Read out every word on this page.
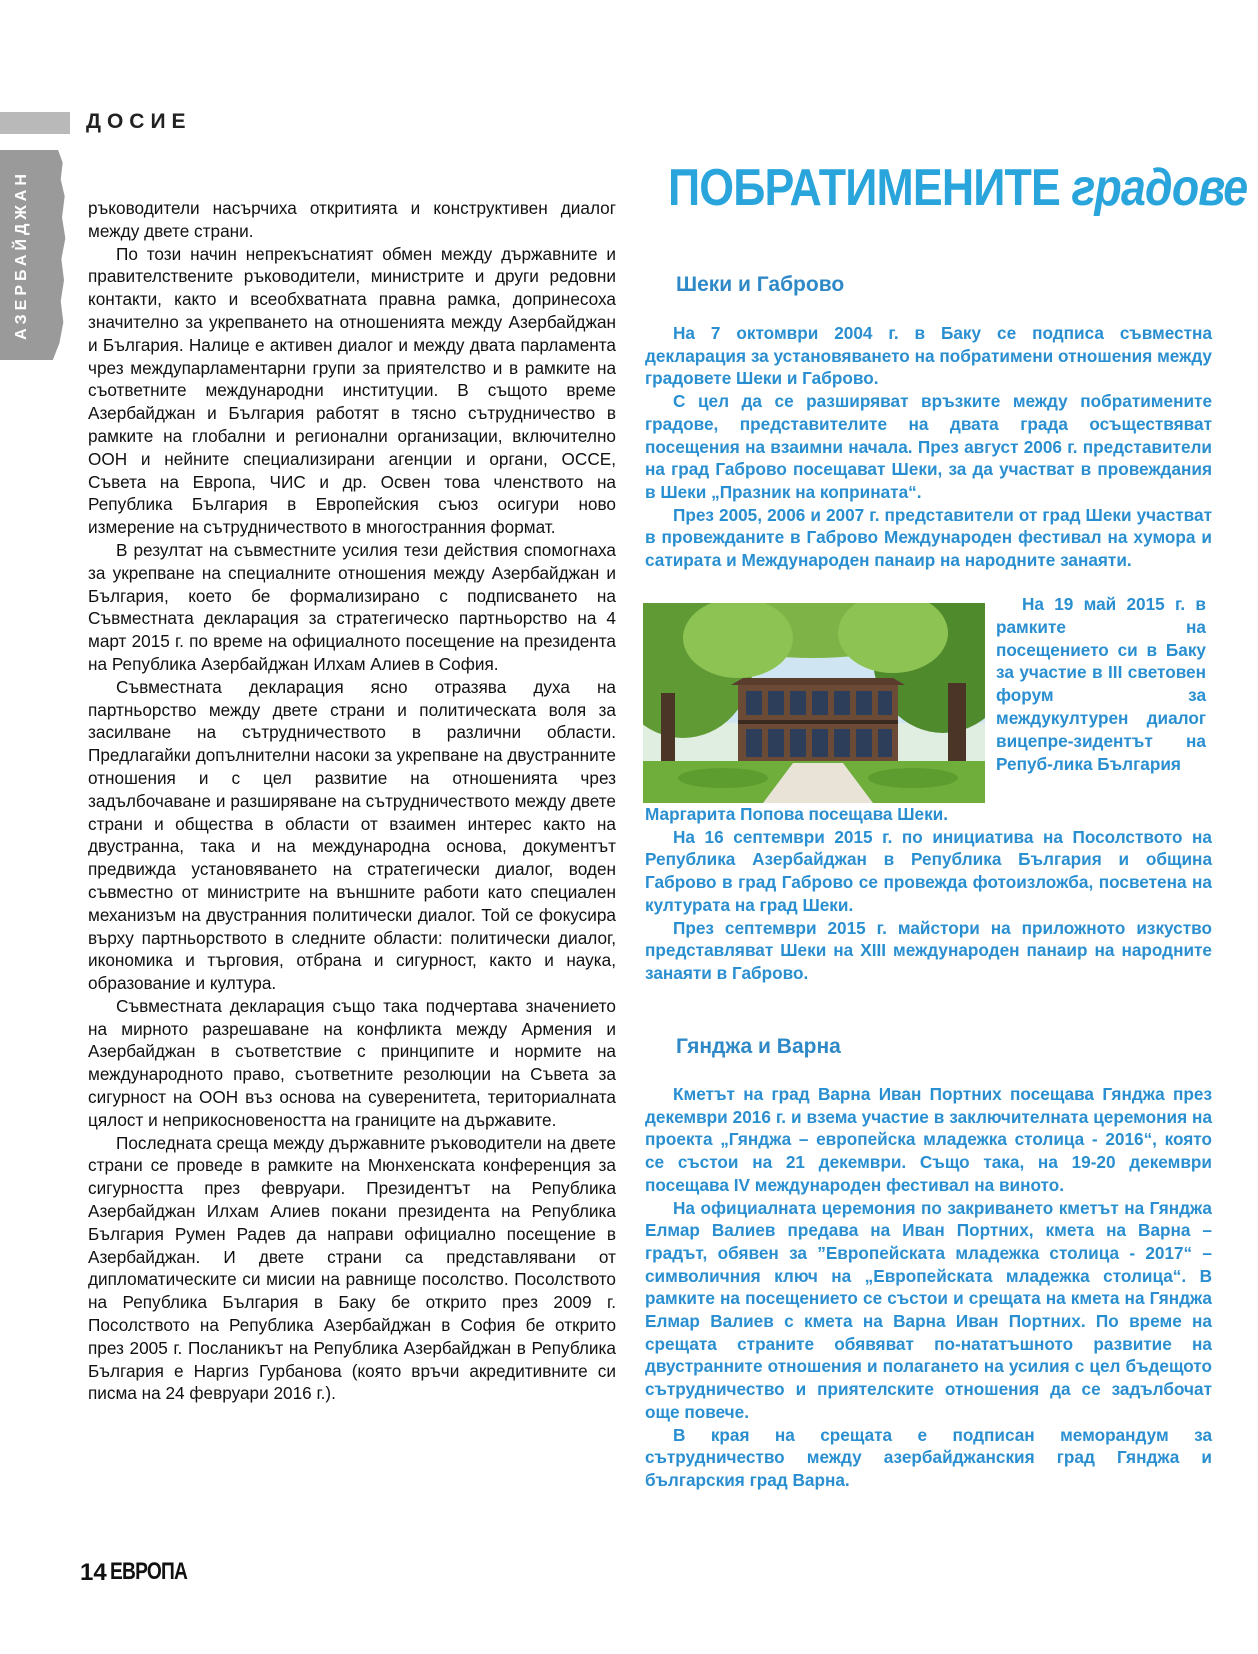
ДОСИЕ
АЗЕРБАЙДЖАН	ръководители насърчиха откритията и конструктивен диалог между двете страни.

По този начин непрекъснатият обмен между държавните и правителствените ръководители, министрите и други редовни контакти, както и всеобхватната правна рамка, допринесоха значително за укрепването на отношенията между Азербайджан и България. Налице е активен диалог и между двата парламента чрез междупарламентарни групи за приятелство и в рамките на съответните международни институции. В същото време Азербайджан и България работят в тясно сътрудничество в рамките на глобални и регионални организации, включително ООН и нейните специализирани агенции и органи, ОССЕ, Съвета на Европа, ЧИС и др. Освен това членството на Република България в Европейския съюз осигури ново измерение на сътрудничеството в многостранния формат.

В резултат на съвместните усилия тези действия спомогнаха за укрепване на специалните отношения между Азербайджан и България, което бе формализирано с подписването на Съвместната декларация за стратегическо партньорство на 4 март 2015 г. по време на официалното посещение на президента на Република Азербайджан Илхам Алиев в София.

Съвместната декларация ясно отразява духа на партньорство между двете страни и политическата воля за засилване на сътрудничеството в различни области. Предлагайки допълнителни насоки за укрепване на двустранните отношения и с цел развитие на отношенията чрез задълбочаване и разширяване на сътрудничеството между двете страни и общества в области от взаимен интерес както на двустранна, така и на международна основа, документът предвижда установяването на стратегически диалог, воден съвместно от министрите на външните работи като специален механизъм на двустранния политически диалог. Той се фокусира върху партньорството в следните области: политически диалог, икономика и търговия, отбрана и сигурност, както и наука, образование и култура.

Съвместната декларация също така подчертава значението на мирното разрешаване на конфликта между Армения и Азербайджан в съответствие с принципите и нормите на международното право, съответните резолюции на Съвета за сигурност на ООН въз основа на суверенитета, териториалната цялост и неприкосновеността на границите на държавите.

Последната среща между държавните ръководители на двете страни се проведе в рамките на Мюнхенската конференция за сигурността през февруари. Президентът на Република Азербайджан Илхам Алиев покани президента на Република България Румен Радев да направи официално посещение в Азербайджан. И двете страни са представлявани от дипломатическите си мисии на равнище посолство. Посолството на Република България в Баку бе открито през 2009 г. Посолството на Република Азербайджан в София бе открито през 2005 г. Посланикът на Република Азербайджан в Република България е Наргиз Гурбанова (която връчи акредитивните си писма на 24 февруари 2016 г.).

ПОБРАТИМЕНИТЕ градове
Шеки и Габрово

На 7 октомври 2004 г. в Баку се подписа съвместна декларация за установяването на побратимени отношения между градовете Шеки и Габрово.

С цел да се разширяват връзките между побратимените градове, представителите на двата града осъществяват посещения на взаимни начала. През август 2006 г. представители на град Габрово посещават Шеки, за да участват в провеждания в Шеки „Празник на коприната“.

През 2005, 2006 и 2007 г. представители от град Шеки участват в провежданите в Габрово Международен фестивал на хумора и сатирата и Международен панаир на народните занаяти.

На 19 май 2015 г. в рамките на посещението си в Баку за участие в III световен форум за междукултурен диалог вицепре-зидентът на Репуб-лика България

Маргарита Попова посещава Шеки.

На 16 септември 2015 г. по инициатива на Посолството на Република Азербайджан в Република България и община Габрово в град Габрово се провежда фотоизложба, посветена на културата на град Шеки.

През септември 2015 г. майстори на приложното изкуство представляват Шеки на XIII международен панаир на народните занаяти в Габрово.

Гянджа и Варна

Кметът на град Варна Иван Портних посещава Гянджа през декември 2016 г. и взема участие в заключителната церемония на проекта „Гянджа – европейска младежка столица - 2016“, която се състои на 21 декември. Също така, на 19-20 декември посещава IV международен фестивал на виното.

На официалната церемония по закриването кметът на Гянджа Елмар Валиев предава на Иван Портних, кмета на Варна – градът, обявен за ”Европейската младежка столица - 2017“ – символичния ключ на „Европейската младежка столица“. В рамките на посещението се състои и срещата на кмета на Гянджа Елмар Валиев с кмета на Варна Иван Портних. По време на срещата страните обявяват по-нататъшното развитие на двустранните отношения и полагането на усилия с цел бъдещото сътрудничество и приятелските отношения да се задълбочат още повече.

В края на срещата е подписан меморандум за сътрудничество между азербайджанския град Гянджа и българския град Варна.

14 ЕВРОПА
